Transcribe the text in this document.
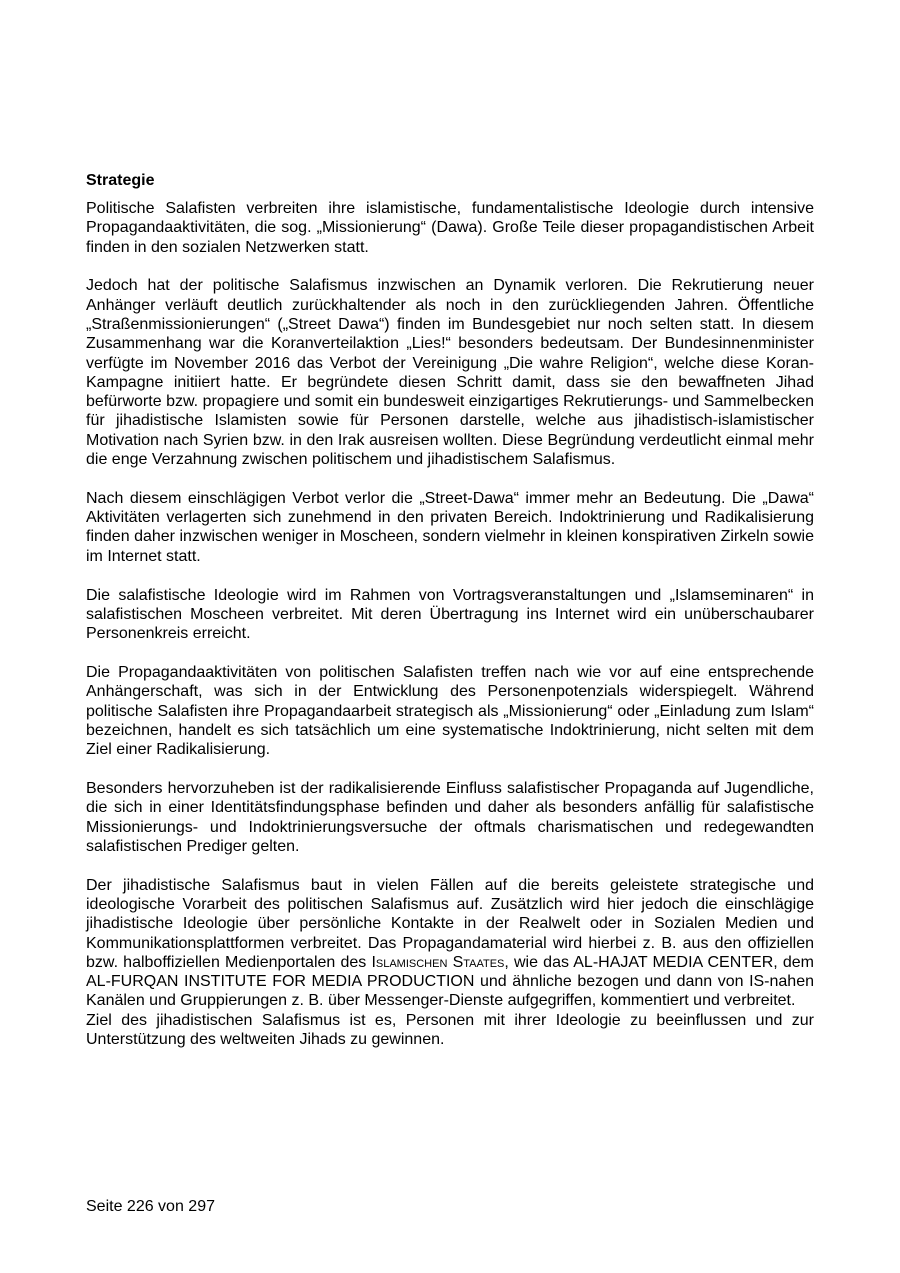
Strategie

Politische Salafisten verbreiten ihre islamistische, fundamentalistische Ideologie durch intensive Propagandaaktivitäten, die sog. „Missionierung“ (Dawa). Große Teile dieser propagandistischen Arbeit finden in den sozialen Netzwerken statt.

Jedoch hat der politische Salafismus inzwischen an Dynamik verloren. Die Rekrutierung neuer Anhänger verläuft deutlich zurückhaltender als noch in den zurückliegenden Jahren. Öffentliche „Straßenmissionierungen“ („Street Dawa“) finden im Bundesgebiet nur noch selten statt. In diesem Zusammenhang war die Koranverteilaktion „Lies!“ besonders bedeutsam. Der Bundesinnenminister verfügte im November 2016 das Verbot der Vereinigung „Die wahre Religion“, welche diese Koran-Kampagne initiiert hatte. Er begründete diesen Schritt damit, dass sie den bewaffneten Jihad befürworte bzw. propagiere und somit ein bundesweit einzigartiges Rekrutierungs- und Sammelbecken für jihadistische Islamisten sowie für Personen darstelle, welche aus jihadistisch-islamistischer Motivation nach Syrien bzw. in den Irak ausreisen wollten. Diese Begründung verdeutlicht einmal mehr die enge Verzahnung zwischen politischem und jihadistischem Salafismus.

Nach diesem einschlägigen Verbot verlor die „Street-Dawa“ immer mehr an Bedeutung. Die „Dawa“ Aktivitäten verlagerten sich zunehmend in den privaten Bereich. Indoktrinierung und Radikalisierung finden daher inzwischen weniger in Moscheen, sondern vielmehr in kleinen konspirativen Zirkeln sowie im Internet statt.

Die salafistische Ideologie wird im Rahmen von Vortragsveranstaltungen und „Islamseminaren“ in salafistischen Moscheen verbreitet. Mit deren Übertragung ins Internet wird ein unüberschaubarer Personenkreis erreicht.

Die Propagandaaktivitäten von politischen Salafisten treffen nach wie vor auf eine entsprechende Anhängerschaft, was sich in der Entwicklung des Personenpotenzials widerspiegelt. Während politische Salafisten ihre Propagandaarbeit strategisch als „Missionierung“ oder „Einladung zum Islam“ bezeichnen, handelt es sich tatsächlich um eine systematische Indoktrinierung, nicht selten mit dem Ziel einer Radikalisierung.

Besonders hervorzuheben ist der radikalisierende Einfluss salafistischer Propaganda auf Jugendliche, die sich in einer Identitätsfindungsphase befinden und daher als besonders anfällig für salafistische Missionierungs- und Indoktrinierungsversuche der oftmals charismatischen und redegewandten salafistischen Prediger gelten.

Der jihadistische Salafismus baut in vielen Fällen auf die bereits geleistete strategische und ideologische Vorarbeit des politischen Salafismus auf. Zusätzlich wird hier jedoch die einschlägige jihadistische Ideologie über persönliche Kontakte in der Realwelt oder in Sozialen Medien und Kommunikationsplattformen verbreitet. Das Propagandamaterial wird hierbei z. B. aus den offiziellen bzw. halboffiziellen Medienportalen des Islamischen Staates, wie das AL-HAJAT MEDIA CENTER, dem AL-FURQAN INSTITUTE FOR MEDIA PRODUCTION und ähnliche bezogen und dann von IS-nahen Kanälen und Gruppierungen z. B. über Messenger-Dienste aufgegriffen, kommentiert und verbreitet.

Ziel des jihadistischen Salafismus ist es, Personen mit ihrer Ideologie zu beeinflussen und zur Unterstützung des weltweiten Jihads zu gewinnen.

Seite 226 von 297
